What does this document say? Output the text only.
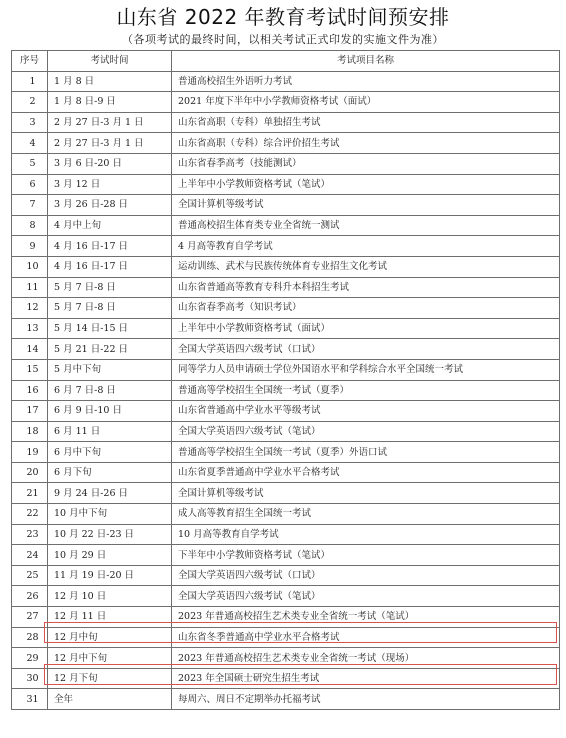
山东省 2022 年教育考试时间预安排
（各项考试的最终时间，以相关考试正式印发的实施文件为准）
序号	考试时间	考试项目名称
1	1 月 8 日	普通高校招生外语听力考试
2	1 月 8 日-9 日	2021 年度下半年中小学教师资格考试（面试）
3	2 月 27 日-3 月 1 日	山东省高职（专科）单独招生考试
4	2 月 27 日-3 月 1 日	山东省高职（专科）综合评价招生考试
5	3 月 6 日-20 日	山东省春季高考（技能测试）
6	3 月 12 日	上半年中小学教师资格考试（笔试）
7	3 月 26 日-28 日	全国计算机等级考试
8	4 月中上旬	普通高校招生体育类专业全省统一测试
9	4 月 16 日-17 日	4 月高等教育自学考试
10	4 月 16 日-17 日	运动训练、武术与民族传统体育专业招生文化考试
11	5 月 7 日-8 日	山东省普通高等教育专科升本科招生考试
12	5 月 7 日-8 日	山东省春季高考（知识考试）
13	5 月 14 日-15 日	上半年中小学教师资格考试（面试）
14	5 月 21 日-22 日	全国大学英语四六级考试（口试）
15	5 月中下旬	同等学力人员申请硕士学位外国语水平和学科综合水平全国统一考试
16	6 月 7 日-8 日	普通高等学校招生全国统一考试（夏季）
17	6 月 9 日-10 日	山东省普通高中学业水平等级考试
18	6 月 11 日	全国大学英语四六级考试（笔试）
19	6 月中下旬	普通高等学校招生全国统一考试（夏季）外语口试
20	6 月下旬	山东省夏季普通高中学业水平合格考试
21	9 月 24 日-26 日	全国计算机等级考试
22	10 月中下旬	成人高等教育招生全国统一考试
23	10 月 22 日-23 日	10 月高等教育自学考试
24	10 月 29 日	下半年中小学教师资格考试（笔试）
25	11 月 19 日-20 日	全国大学英语四六级考试（口试）
26	12 月 10 日	全国大学英语四六级考试（笔试）
27	12 月 11 日	2023 年普通高校招生艺术类专业全省统一考试（笔试）
28	12 月中旬	山东省冬季普通高中学业水平合格考试
29	12 月中下旬	2023 年普通高校招生艺术类专业全省统一考试（现场）
30	12 月下旬	2023 年全国硕士研究生招生考试
31	全年	每周六、周日不定期举办托福考试
